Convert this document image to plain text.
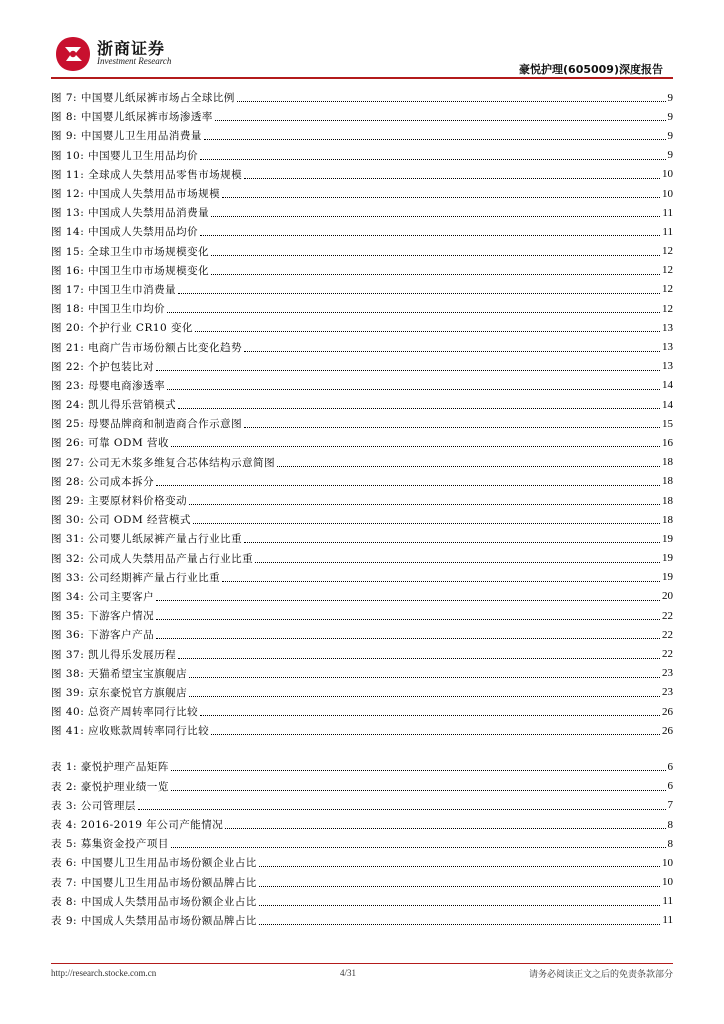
浙商证券
Investment Research
豪悦护理(605009)深度报告
图 7: 中国婴儿纸尿裤市场占全球比例	9
图 8: 中国婴儿纸尿裤市场渗透率	9
图 9: 中国婴儿卫生用品消费量	9
图 10: 中国婴儿卫生用品均价	9
图 11: 全球成人失禁用品零售市场规模	10
图 12: 中国成人失禁用品市场规模	10
图 13: 中国成人失禁用品消费量	11
图 14: 中国成人失禁用品均价	11
图 15: 全球卫生巾市场规模变化	12
图 16: 中国卫生巾市场规模变化	12
图 17: 中国卫生巾消费量	12
图 18: 中国卫生巾均价	12
图 20: 个护行业 CR10 变化	13
图 21: 电商广告市场份额占比变化趋势	13
图 22: 个护包装比对	13
图 23: 母婴电商渗透率	14
图 24: 凯儿得乐营销模式	14
图 25: 母婴品牌商和制造商合作示意图	15
图 26: 可靠 ODM 营收	16
图 27: 公司无木浆多维复合芯体结构示意简图	18
图 28: 公司成本拆分	18
图 29: 主要原材料价格变动	18
图 30: 公司 ODM 经营模式	18
图 31: 公司婴儿纸尿裤产量占行业比重	19
图 32: 公司成人失禁用品产量占行业比重	19
图 33: 公司经期裤产量占行业比重	19
图 34: 公司主要客户	20
图 35: 下游客户情况	22
图 36: 下游客户产品	22
图 37: 凯儿得乐发展历程	22
图 38: 天猫希望宝宝旗舰店	23
图 39: 京东豪悦官方旗舰店	23
图 40: 总资产周转率同行比较	26
图 41: 应收账款周转率同行比较	26
表 1: 豪悦护理产品矩阵	6
表 2: 豪悦护理业绩一览	6
表 3: 公司管理层	7
表 4: 2016-2019 年公司产能情况	8
表 5: 募集资金投产项目	8
表 6: 中国婴儿卫生用品市场份额企业占比	10
表 7: 中国婴儿卫生用品市场份额品牌占比	10
表 8: 中国成人失禁用品市场份额企业占比	11
表 9: 中国成人失禁用品市场份额品牌占比	11
http://research.stocke.com.cn	4/31	请务必阅读正文之后的免责条款部分
